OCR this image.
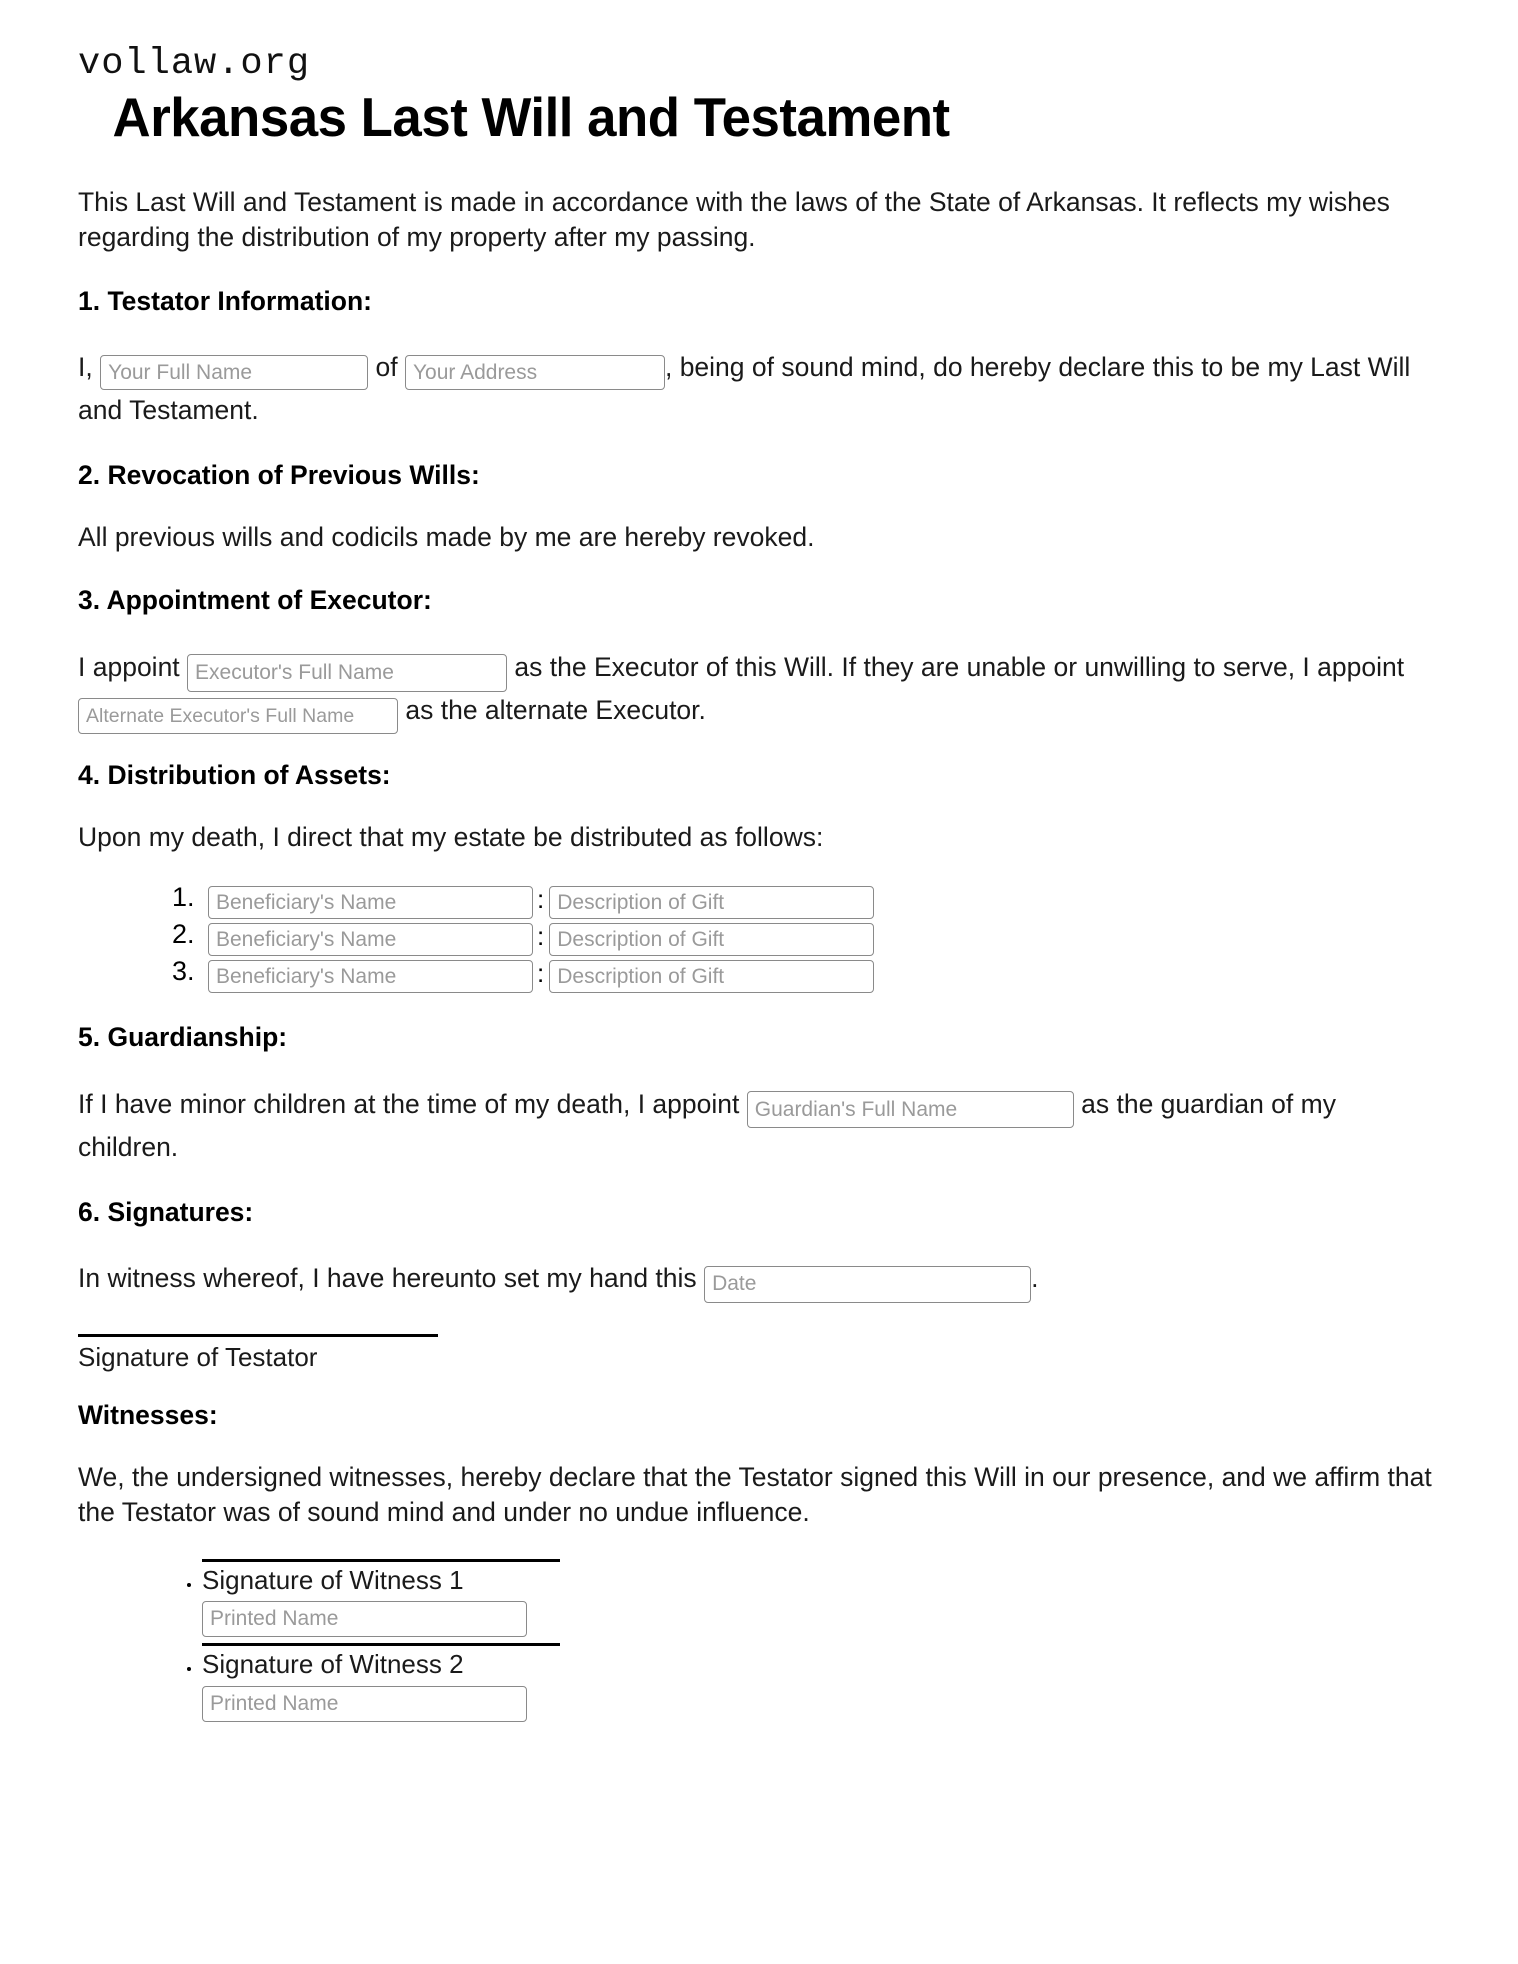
vollaw.org
Arkansas Last Will and Testament

This Last Will and Testament is made in accordance with the laws of the State of Arkansas. It reflects my wishes regarding the distribution of my property after my passing.

1. Testator Information:

I, Your Full Name	of Your Address	, being of sound mind, do hereby declare this to be my Last Will and Testament.

2. Revocation of Previous Wills:

All previous wills and codicils made by me are hereby revoked.

3. Appointment of Executor:

I appoint Executor's Full Name	as the Executor of this Will. If they are unable or unwilling to serve, I appoint Alternate Executor's Full Name as the alternate Executor.

4. Distribution of Assets:

Upon my death, I direct that my estate be distributed as follows:

Beneficiary's Name 1. :Description of Gift
Beneficiary's Name 2. :Description of Gift
Beneficiary's Name 3. :Description of Gift
5. Guardianship:

If I have minor children at the time of my death, I appoint Guardian's Full Name	as the guardian of my children.

6. Signatures:

In witness whereof, I have hereunto set my hand this Date	.

Signature of Testator
Witnesses:

We, the undersigned witnesses, hereby declare that the Testator signed this Will in our presence, and we affirm that the Testator was of sound mind and under no undue influence.

• Signature of Witness 1
Printed Name
• Signature of Witness 2
Printed Name
